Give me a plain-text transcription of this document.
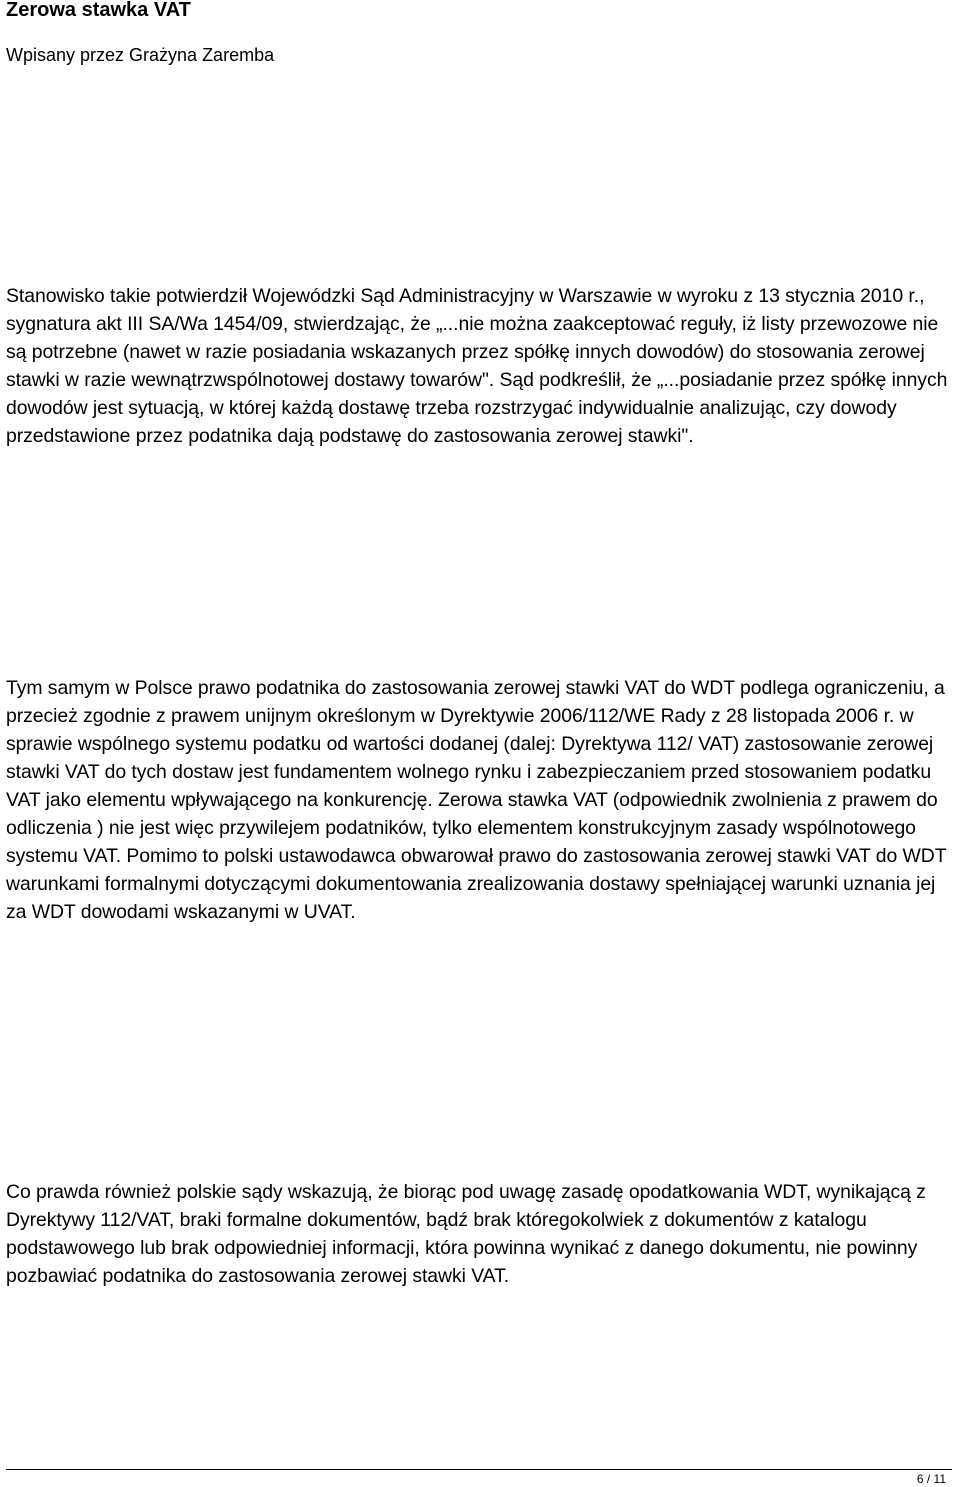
Zerowa stawka VAT
Wpisany przez Grażyna Zaremba

Stanowisko takie potwierdził Wojewódzki Sąd Administracyjny w Warszawie w wyroku z 13 stycznia 2010 r., sygnatura akt III SA/Wa 1454/09, stwierdzając, że „...nie można zaakceptować reguły, iż listy przewozowe nie są potrzebne (nawet w razie posiadania wskazanych przez spółkę innych dowodów) do stosowania zerowej stawki w razie wewnątrzwspólnotowej dostawy towarów". Sąd podkreślił, że „...posiadanie przez spółkę innych dowodów jest sytuacją, w której każdą dostawę trzeba rozstrzygać indywidualnie analizując, czy dowody przedstawione przez podatnika dają podstawę do zastosowania zerowej stawki".

Tym samym w Polsce prawo podatnika do zastosowania zerowej stawki VAT do WDT podlega ograniczeniu, a przecież zgodnie z prawem unijnym określonym w Dyrektywie 2006/112/WE Rady z 28 listopada 2006 r. w sprawie wspólnego systemu podatku od wartości dodanej (dalej: Dyrektywa 112/ VAT) zastosowanie zerowej stawki VAT do tych dostaw jest fundamentem wolnego rynku i zabezpieczaniem przed stosowaniem podatku VAT jako elementu wpływającego na konkurencję. Zerowa stawka VAT (odpowiednik zwolnienia z prawem do odliczenia ) nie jest więc przywilejem podatników, tylko elementem konstrukcyjnym zasady wspólnotowego systemu VAT. Pomimo to polski ustawodawca obwarował prawo do zastosowania zerowej stawki VAT do WDT warunkami formalnymi dotyczącymi dokumentowania zrealizowania dostawy spełniającej warunki uznania jej za WDT dowodami wskazanymi w UVAT.

Co prawda również polskie sądy wskazują, że biorąc pod uwagę zasadę opodatkowania WDT, wynikającą z Dyrektywy 112/VAT, braki formalne dokumentów, bądź brak któregokolwiek z dokumentów z katalogu podstawowego lub brak odpowiedniej informacji, która powinna wynikać z danego dokumentu, nie powinny pozbawiać podatnika do zastosowania zerowej stawki VAT.

6 / 11
